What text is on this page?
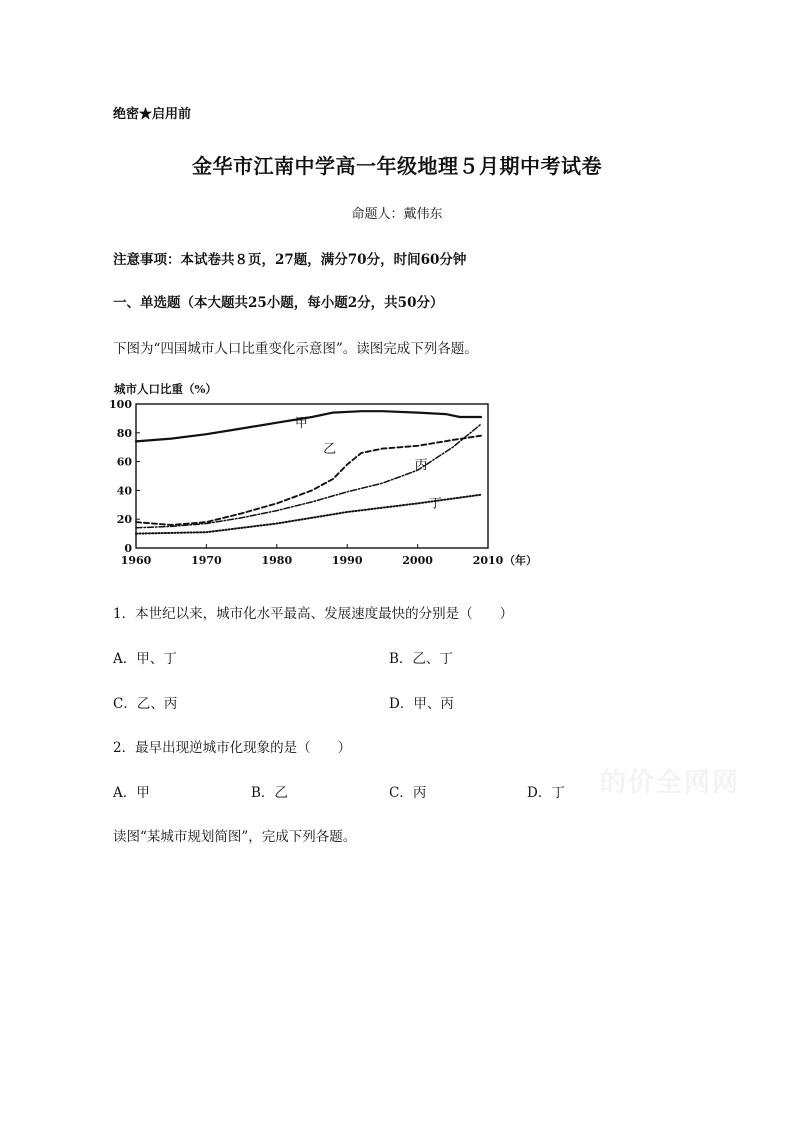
绝密★启用前
金华市江南中学高一年级地理５月期中考试卷
命题人：戴伟东
注意事项：本试卷共８页，27题，满分70分，时间60分钟
一、单选题（本大题共25小题，每小题2分，共50分）
下图为“四国城市人口比重变化示意图”。读图完成下列各题。
城市人口比重（%）
0
20
40
60
80
100
1960	1970	1980	1990	2000	2010 （年）
甲
乙
丙
丁
1．本世纪以来，城市化水平最高、发展速度最快的分别是（　　）
A．甲、丁	B．乙、丁
C．乙、丙	D．甲、丙
2．最早出现逆城市化现象的是（　　）
A．甲	B．乙	C．丙	D．丁 的价全网网
读图“某城市规划简图”，完成下列各题。
